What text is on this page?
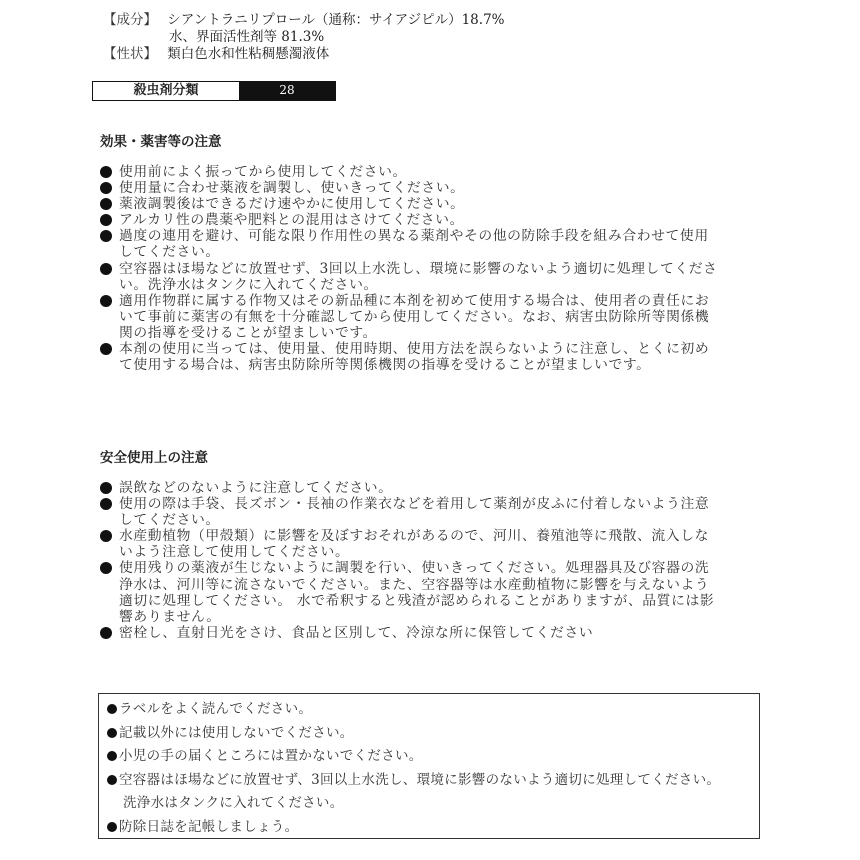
【成分】 シアントラニリプロール（通称：サイアジピル）18.7%
水、界面活性剤等 81.3%
【性状】 類白色水和性粘稠懸濁液体
殺虫剤分類	28
効果・薬害等の注意
使用前によく振ってから使用してください。
使用量に合わせ薬液を調製し、使いきってください。
薬液調製後はできるだけ速やかに使用してください。
アルカリ性の農薬や肥料との混用はさけてください。
過度の連用を避け、可能な限り作用性の異なる薬剤やその他の防除手段を組み合わせて使用してください。
空容器はほ場などに放置せず、3回以上水洗し、環境に影響のないよう適切に処理してください。洗浄水はタンクに入れてください。
適用作物群に属する作物又はその新品種に本剤を初めて使用する場合は、使用者の責任において事前に薬害の有無を十分確認してから使用してください。なお、病害虫防除所等関係機関の指導を受けることが望ましいです。
本剤の使用に当っては、使用量、使用時期、使用方法を誤らないように注意し、とくに初めて使用する場合は、病害虫防除所等関係機関の指導を受けることが望ましいです。
安全使用上の注意
誤飲などのないように注意してください。
使用の際は手袋、長ズボン・長袖の作業衣などを着用して薬剤が皮ふに付着しないよう注意してください。
水産動植物（甲殻類）に影響を及ぼすおそれがあるので、河川、養殖池等に飛散、流入しないよう注意して使用してください。
使用残りの薬液が生じないように調製を行い、使いきってください。処理器具及び容器の洗浄水は、河川等に流さないでください。また、空容器等は水産動植物に影響を与えないよう適切に処理してください。 水で希釈すると残渣が認められることがありますが、品質には影響ありません。
密栓し、直射日光をさけ、食品と区別して、冷涼な所に保管してください
ラベルをよく読んでください。
記載以外には使用しないでください。
小児の手の届くところには置かないでください。
空容器はほ場などに放置せず、3回以上水洗し、環境に影響のないよう適切に処理してください。
洗浄水はタンクに入れてください。
防除日誌を記帳しましょう。
